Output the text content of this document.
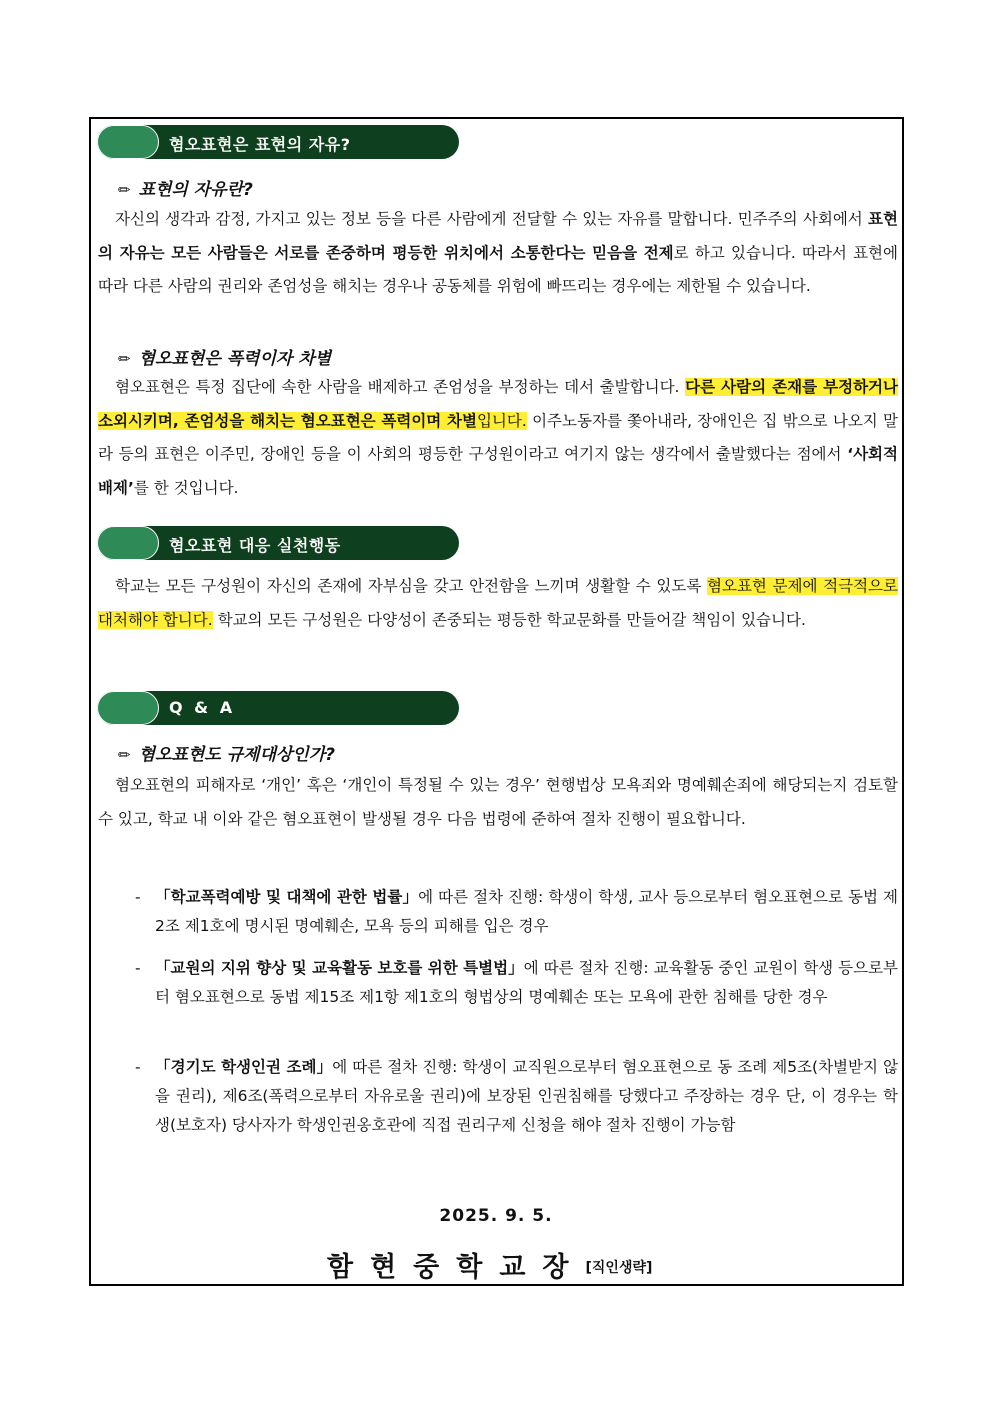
혐오표현은 표현의 자유?
✏ 표현의 자유란?

자신의 생각과 감정, 가지고 있는 정보 등을 다른 사람에게 전달할 수 있는 자유를 말합니다. 민주주의 사회에서 표현의 자유는 모든 사람들은 서로를 존중하며 평등한 위치에서 소통한다는 믿음을 전제로 하고 있습니다. 따라서 표현에 따라 다른 사람의 권리와 존엄성을 해치는 경우나 공동체를 위험에 빠뜨리는 경우에는 제한될 수 있습니다.

✏ 혐오표현은 폭력이자 차별

혐오표현은 특정 집단에 속한 사람을 배제하고 존엄성을 부정하는 데서 출발합니다. 다른 사람의 존재를 부정하거나 소외시키며, 존엄성을 해치는 혐오표현은 폭력이며 차별입니다. 이주노동자를 쫓아내라, 장애인은 집 밖으로 나오지 말라 등의 표현은 이주민, 장애인 등을 이 사회의 평등한 구성원이라고 여기지 않는 생각에서 출발했다는 점에서 ‘사회적 배제’를 한 것입니다.

혐오표현 대응 실천행동

학교는 모든 구성원이 자신의 존재에 자부심을 갖고 안전함을 느끼며 생활할 수 있도록 혐오표현 문제에 적극적으로 대처해야 합니다. 학교의 모든 구성원은 다양성이 존중되는 평등한 학교문화를 만들어갈 책임이 있습니다.

Q & A
✏ 혐오표현도 규제대상인가?

혐오표현의 피해자로 ‘개인’ 혹은 ‘개인이 특정될 수 있는 경우’ 현행법상 모욕죄와 명예훼손죄에 해당되는지 검토할 수 있고, 학교 내 이와 같은 혐오표현이 발생될 경우 다음 법령에 준하여 절차 진행이 필요합니다.

- 「학교폭력예방 및 대책에 관한 법률」에 따른 절차 진행: 학생이 학생, 교사 등으로부터 혐오표현으로 동법 제2조 제1호에 명시된 명예훼손, 모욕 등의 피해를 입은 경우

- 「교원의 지위 향상 및 교육활동 보호를 위한 특별법」에 따른 절차 진행: 교육활동 중인 교원이 학생 등으로부터 혐오표현으로 동법 제15조 제1항 제1호의 형법상의 명예훼손 또는 모욕에 관한 침해를 당한 경우

- 「경기도 학생인권 조례」에 따른 절차 진행: 학생이 교직원으로부터 혐오표현으로 동 조례 제5조(차별받지 않을 권리), 제6조(폭력으로부터 자유로울 권리)에 보장된 인권침해를 당했다고 주장하는 경우 단, 이 경우는 학생(보호자) 당사자가 학생인권옹호관에 직접 권리구제 신청을 해야 절차 진행이 가능함

2025. 9. 5.
함현중학교장[직인생략]
